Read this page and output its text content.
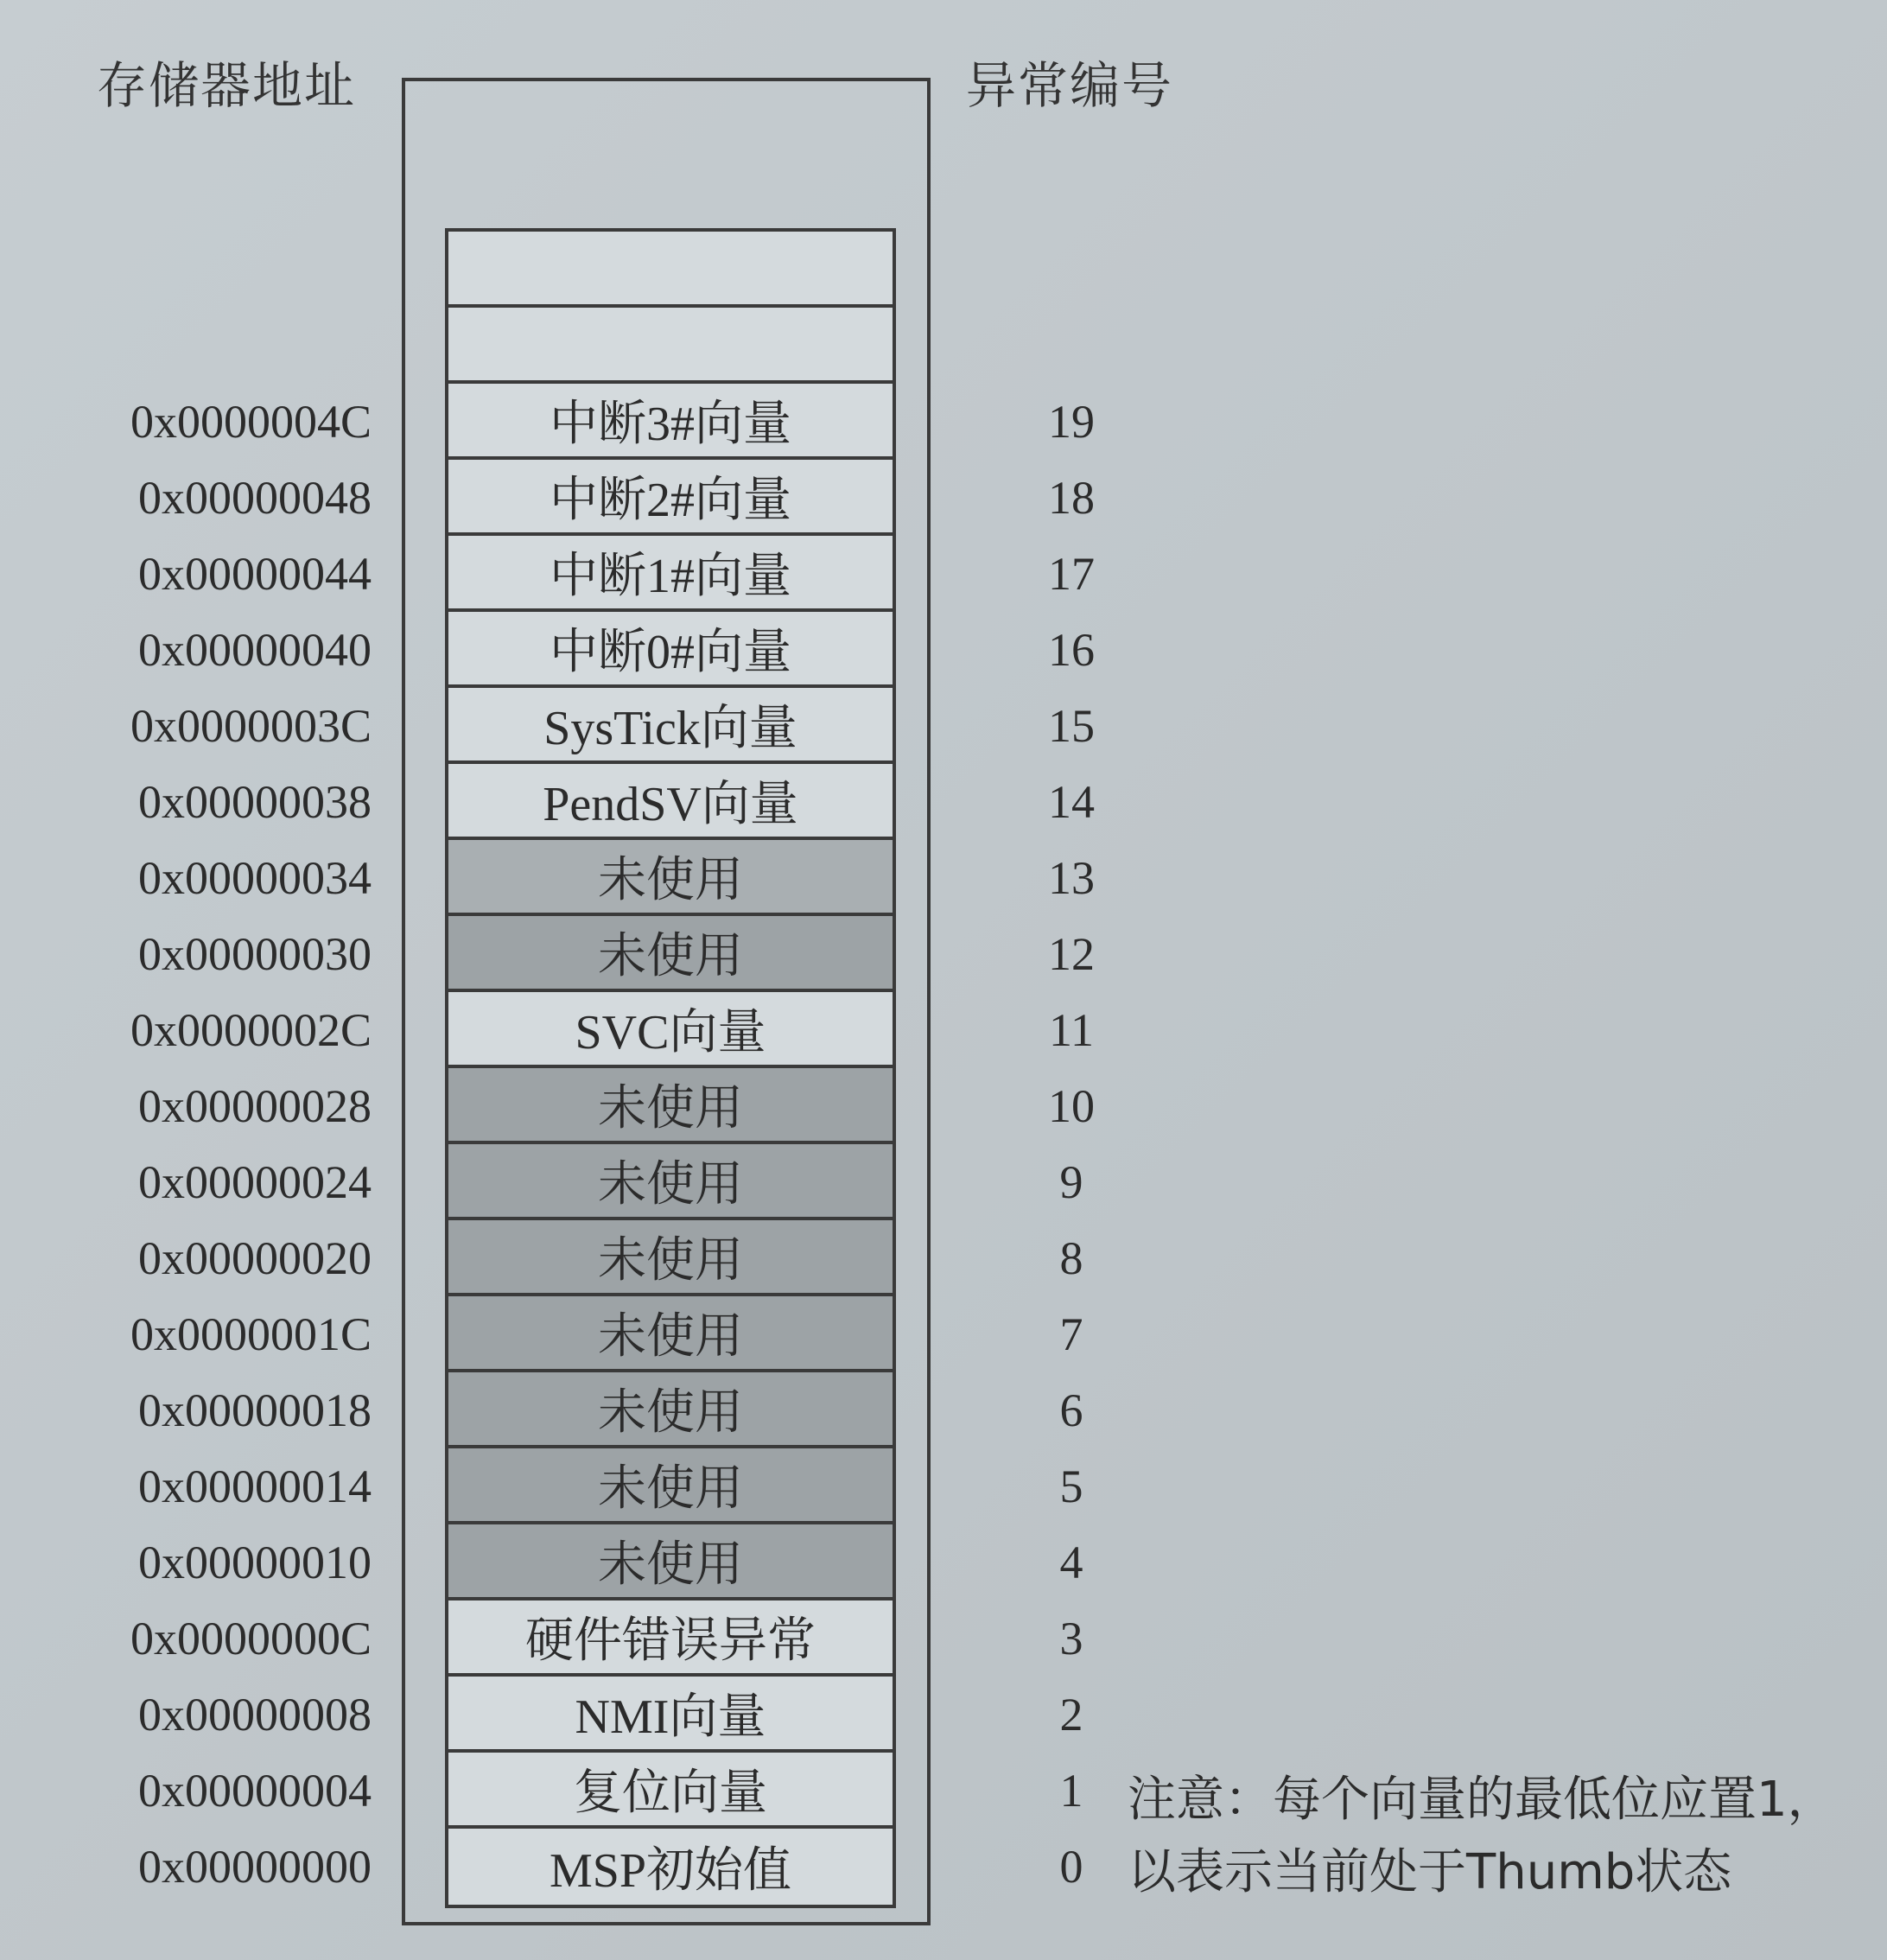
存储器地址	异常编号
中断3#向量
中断2#向量
中断1#向量
中断0#向量
SysTick向量
PendSV向量
未使用
未使用
SVC向量
未使用
未使用
未使用
未使用
未使用
未使用
未使用
硬件错误异常
NMI向量
复位向量
MSP初始值
0x0000004C
0x00000048
0x00000044
0x00000040
0x0000003C
0x00000038
0x00000034
0x00000030
0x0000002C
0x00000028
0x00000024
0x00000020
0x0000001C
0x00000018
0x00000014
0x00000010
0x0000000C
0x00000008
0x00000004
0x00000000
19
18
17
16
15
14
13
12
11
10
9
8
7
6
5
4
3
2
1
0
注意：每个向量的最低位应置1，
以表示当前处于Thumb状态
